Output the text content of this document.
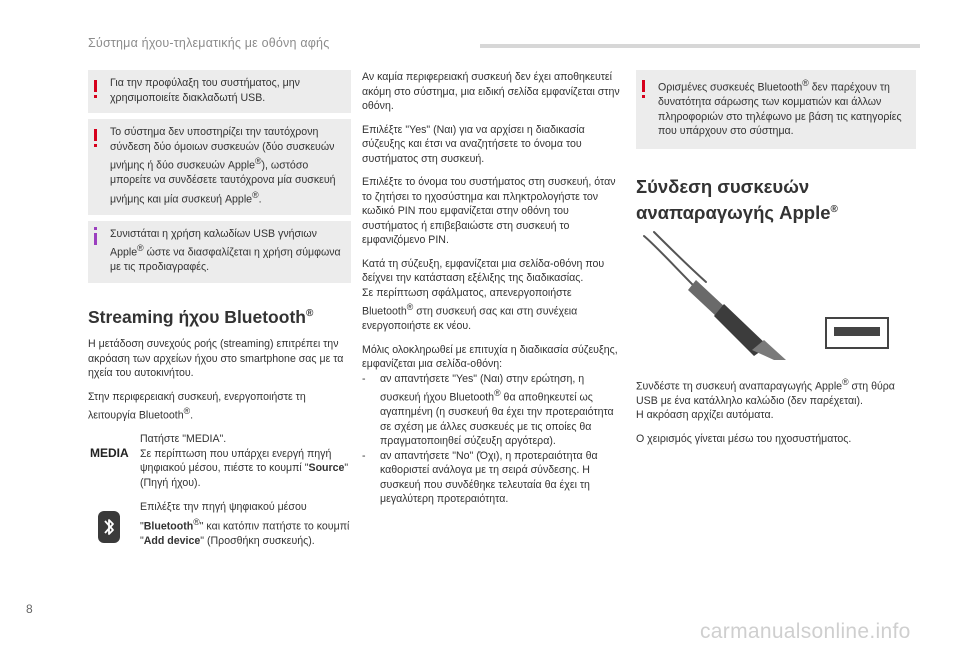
Σύστημα ήχου-τηλεματικής με οθόνη αφής
Για την προφύλαξη του συστήματος, μην χρησιμοποιείτε διακλαδωτή USB.
Το σύστημα δεν υποστηρίζει την ταυτόχρονη σύνδεση δύο όμοιων συσκευών (δύο συσκευών μνήμης ή δύο συσκευών Apple®), ωστόσο μπορείτε να συνδέσετε ταυτόχρονα μία συσκευή μνήμης και μία συσκευή Apple®.
Συνιστάται η χρήση καλωδίων USB γνήσιων Apple® ώστε να διασφαλίζεται η χρήση σύμφωνα με τις προδιαγραφές.
Streaming ήχου Bluetooth®

Η μετάδοση συνεχούς ροής (streaming) επιτρέπει την ακρόαση των αρχείων ήχου στο smartphone σας με τα ηχεία του αυτοκινήτου.

Στην περιφερειακή συσκευή, ενεργοποιήστε τη λειτουργία Bluetooth®.

MEDIA
Πατήστε "MEDIA".
Σε περίπτωση που υπάρχει ενεργή πηγή ψηφιακού μέσου, πιέστε το κουμπί "Source" (Πηγή ήχου).
Επιλέξτε την πηγή ψηφιακού μέσου "Bluetooth®" και κατόπιν πατήστε το κουμπί "Add device" (Προσθήκη συσκευής).

Αν καμία περιφερειακή συσκευή δεν έχει αποθηκευτεί ακόμη στο σύστημα, μια ειδική σελίδα εμφανίζεται στην οθόνη.

Επιλέξτε "Yes" (Ναι) για να αρχίσει η διαδικασία σύζευξης και έτσι να αναζητήσετε το όνομα του συστήματος στη συσκευή.

Επιλέξτε το όνομα του συστήματος στη συσκευή, όταν το ζητήσει το ηχοσύστημα και πληκτρολογήστε τον κωδικό PIN που εμφανίζεται στην οθόνη του συστήματος ή επιβεβαιώστε στη συσκευή το εμφανιζόμενο PIN.

Κατά τη σύζευξη, εμφανίζεται μια σελίδα-οθόνη που δείχνει την κατάσταση εξέλιξης της διαδικασίας.
Σε περίπτωση σφάλματος, απενεργοποιήστε Bluetooth® στη συσκευή σας και στη συνέχεια ενεργοποιήστε εκ νέου.

Μόλις ολοκληρωθεί με επιτυχία η διαδικασία σύζευξης, εμφανίζεται μια σελίδα-οθόνη:

-	αν απαντήσετε "Yes" (Ναι) στην ερώτηση, η συσκευή ήχου Bluetooth® θα αποθηκευτεί ως αγαπημένη (η συσκευή θα έχει την προτεραιότητα σε σχέση με άλλες συσκευές με τις οποίες θα πραγματοποιηθεί σύζευξη αργότερα).
-	αν απαντήσετε "No" (Όχι), η προτεραιότητα θα καθοριστεί ανάλογα με τη σειρά σύνδεσης. Η συσκευή που συνδέθηκε τελευταία θα έχει τη μεγαλύτερη προτεραιότητα.
Ορισμένες συσκευές Bluetooth® δεν παρέχουν τη δυνατότητα σάρωσης των κομματιών και άλλων πληροφοριών στο τηλέφωνο με βάση τις κατηγορίες που υπάρχουν στο σύστημα.
Σύνδεση συσκευών
αναπαραγωγής Apple®

Συνδέστε τη συσκευή αναπαραγωγής Apple® στη θύρα USB με ένα κατάλληλο καλώδιο (δεν παρέχεται).
Η ακρόαση αρχίζει αυτόματα.

Ο χειρισμός γίνεται μέσω του ηχοσυστήματος.

8
carmanualsonline.info
